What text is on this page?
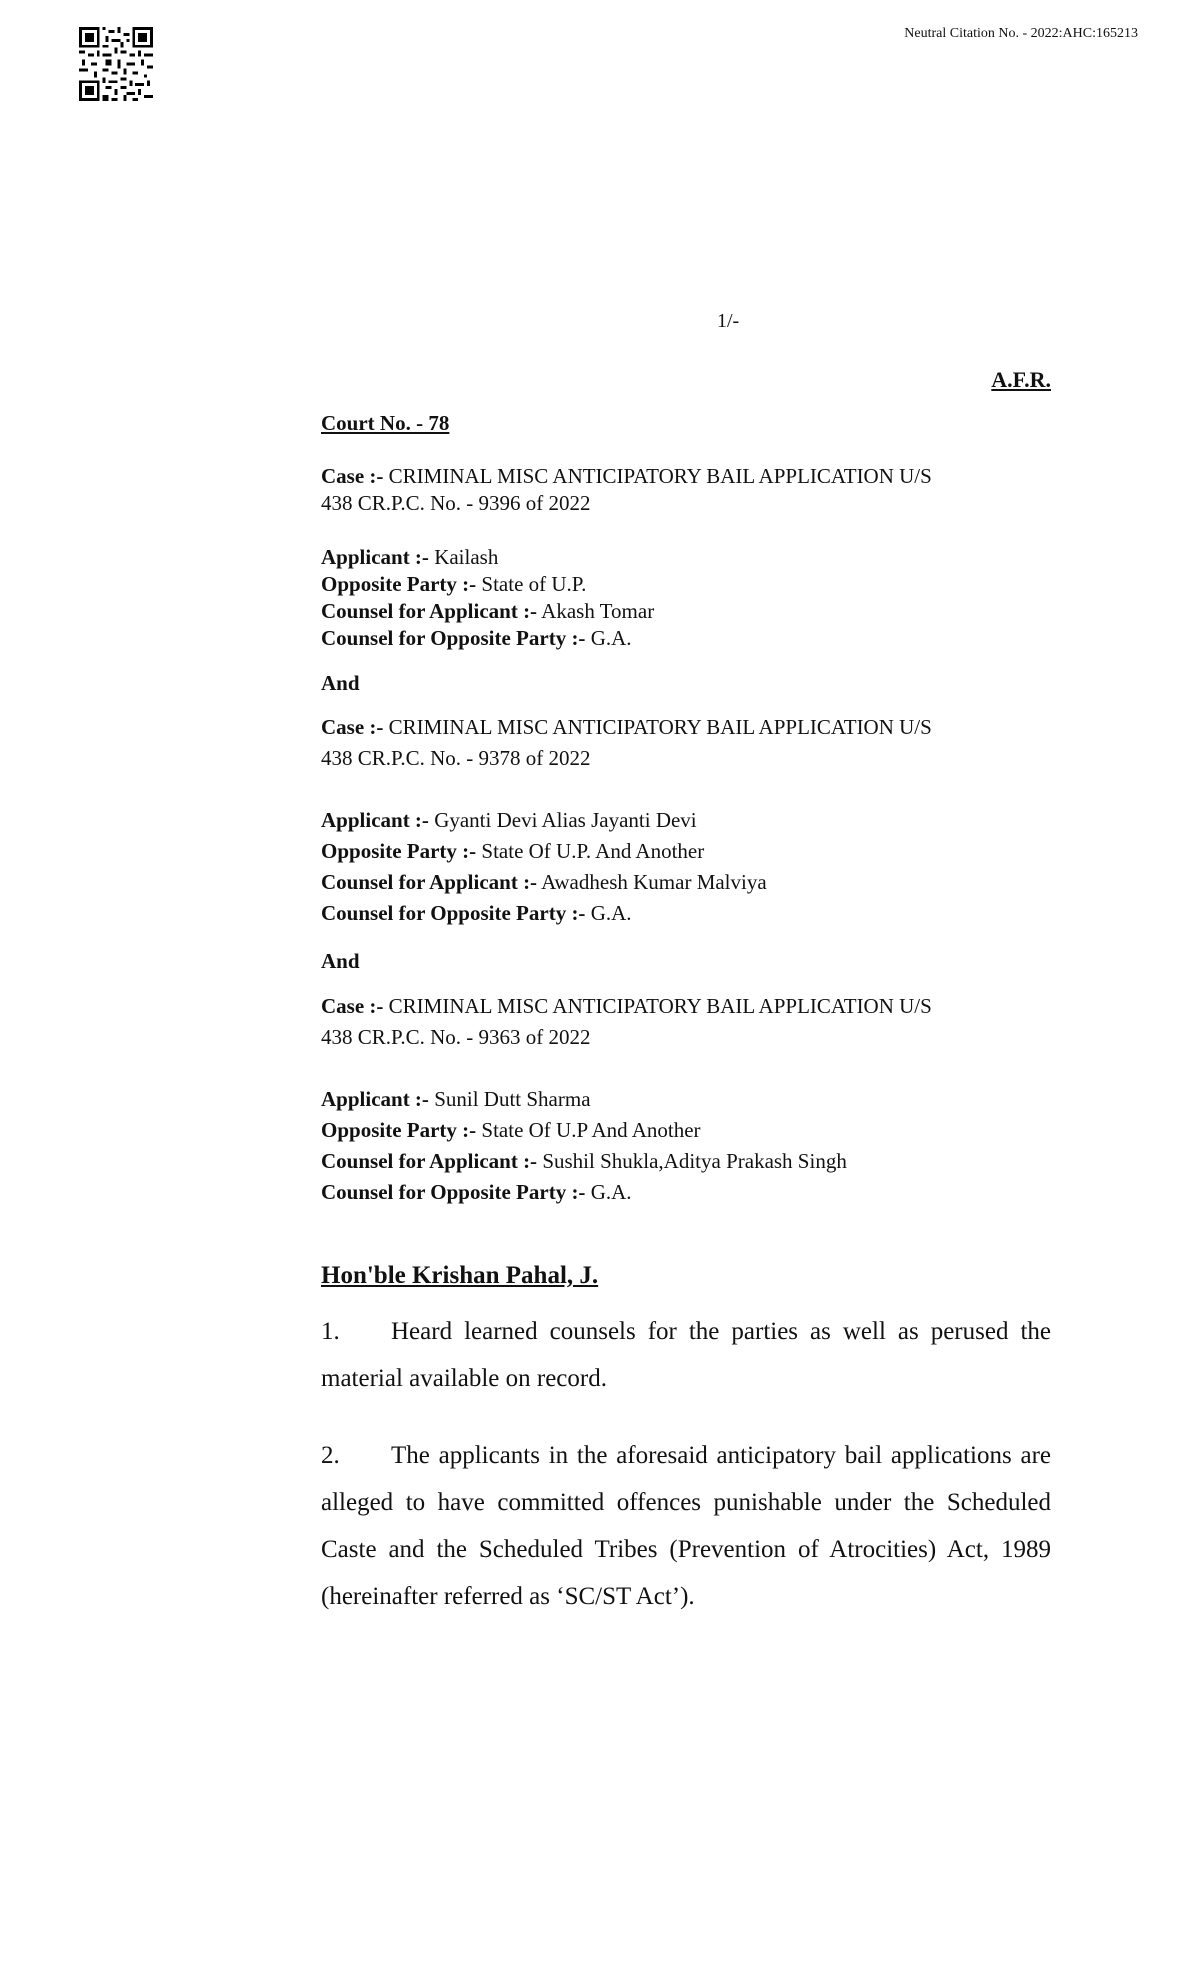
Neutral Citation No. - 2022:AHC:165213
1/-
A.F.R.
Court No. - 78
Case :- CRIMINAL MISC ANTICIPATORY BAIL APPLICATION U/S
438 CR.P.C. No. - 9396 of 2022
Applicant :- Kailash
Opposite Party :- State of U.P.
Counsel for Applicant :- Akash Tomar
Counsel for Opposite Party :- G.A.
And
Case :- CRIMINAL MISC ANTICIPATORY BAIL APPLICATION U/S
438 CR.P.C. No. - 9378 of 2022
Applicant :- Gyanti Devi Alias Jayanti Devi
Opposite Party :- State Of U.P. And Another
Counsel for Applicant :- Awadhesh Kumar Malviya
Counsel for Opposite Party :- G.A.
And
Case :- CRIMINAL MISC ANTICIPATORY BAIL APPLICATION U/S
438 CR.P.C. No. - 9363 of 2022
Applicant :- Sunil Dutt Sharma
Opposite Party :- State Of U.P And Another
Counsel for Applicant :- Sushil Shukla,Aditya Prakash Singh
Counsel for Opposite Party :- G.A.
Hon'ble Krishan Pahal, J.
1. Heard learned counsels for the parties as well as perused the material available on record.
2. The applicants in the aforesaid anticipatory bail applications are alleged to have committed offences punishable under the Scheduled Caste and the Scheduled Tribes (Prevention of Atrocities) Act, 1989 (hereinafter referred as ‘SC/ST Act’).
